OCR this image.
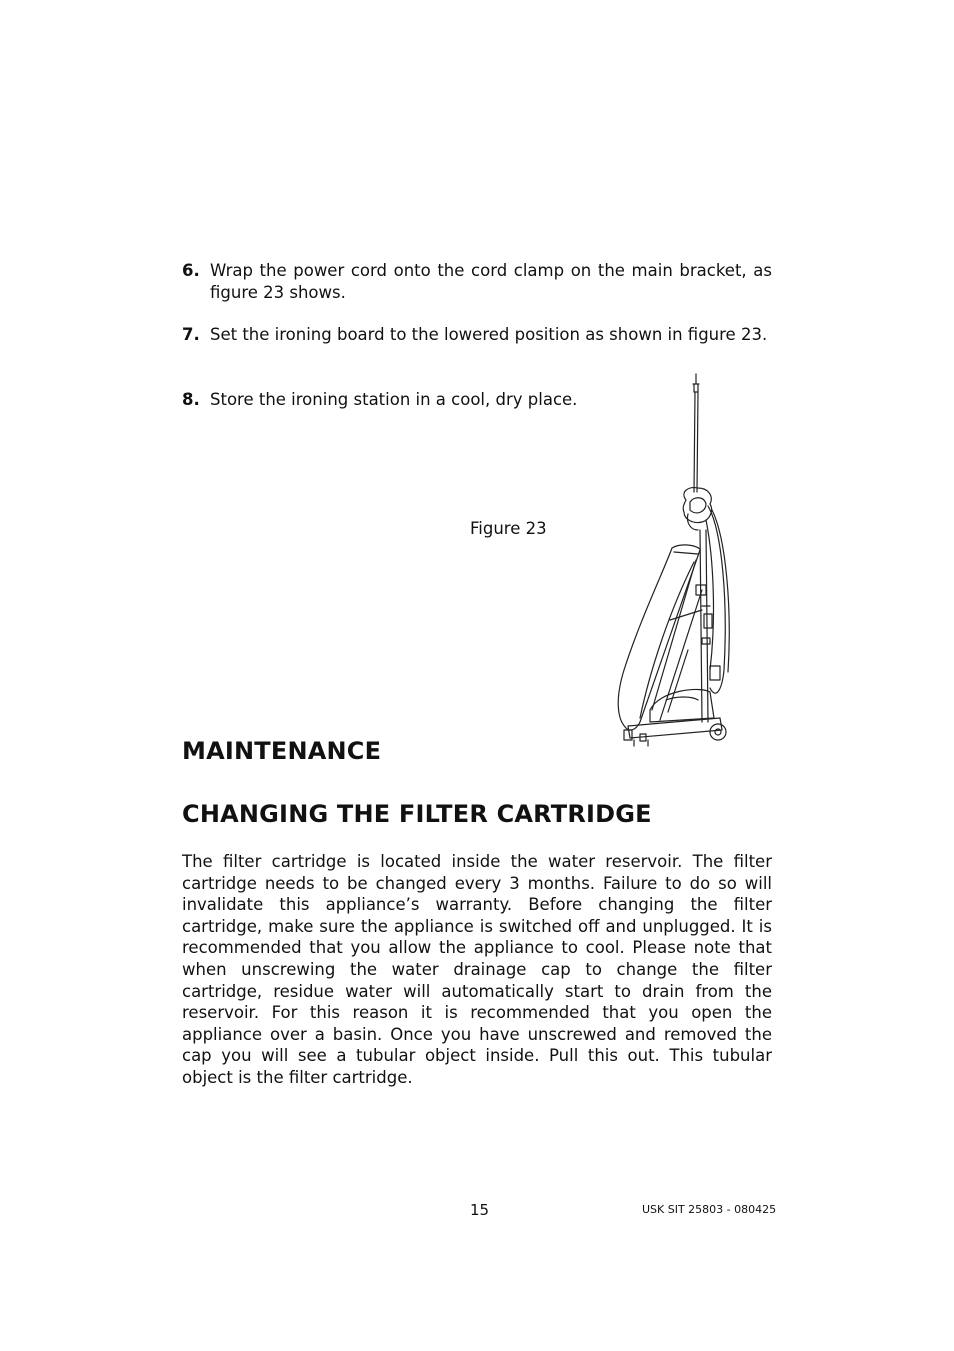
6. Wrap the power cord onto the cord clamp on the main bracket, as figure 23 shows.
7. Set the ironing board to the lowered position as shown in figure 23.
8. Store the ironing station in a cool, dry place.
Figure 23
MAINTENANCE
CHANGING THE FILTER CARTRIDGE
The filter cartridge is located inside the water reservoir. The filter cartridge needs to be changed every 3 months. Failure to do so will invalidate this appliance’s warranty. Before changing the filter cartridge, make sure the appliance is switched off and unplugged. It is recommended that you allow the appliance to cool. Please note that when unscrewing the water drainage cap to change the filter cartridge, residue water will automatically start to drain from the reservoir. For this reason it is recommended that you open the appliance over a basin. Once you have unscrewed and removed the cap you will see a tubular object inside. Pull this out. This tubular object is the filter cartridge.
15	USK SIT 25803 - 080425
